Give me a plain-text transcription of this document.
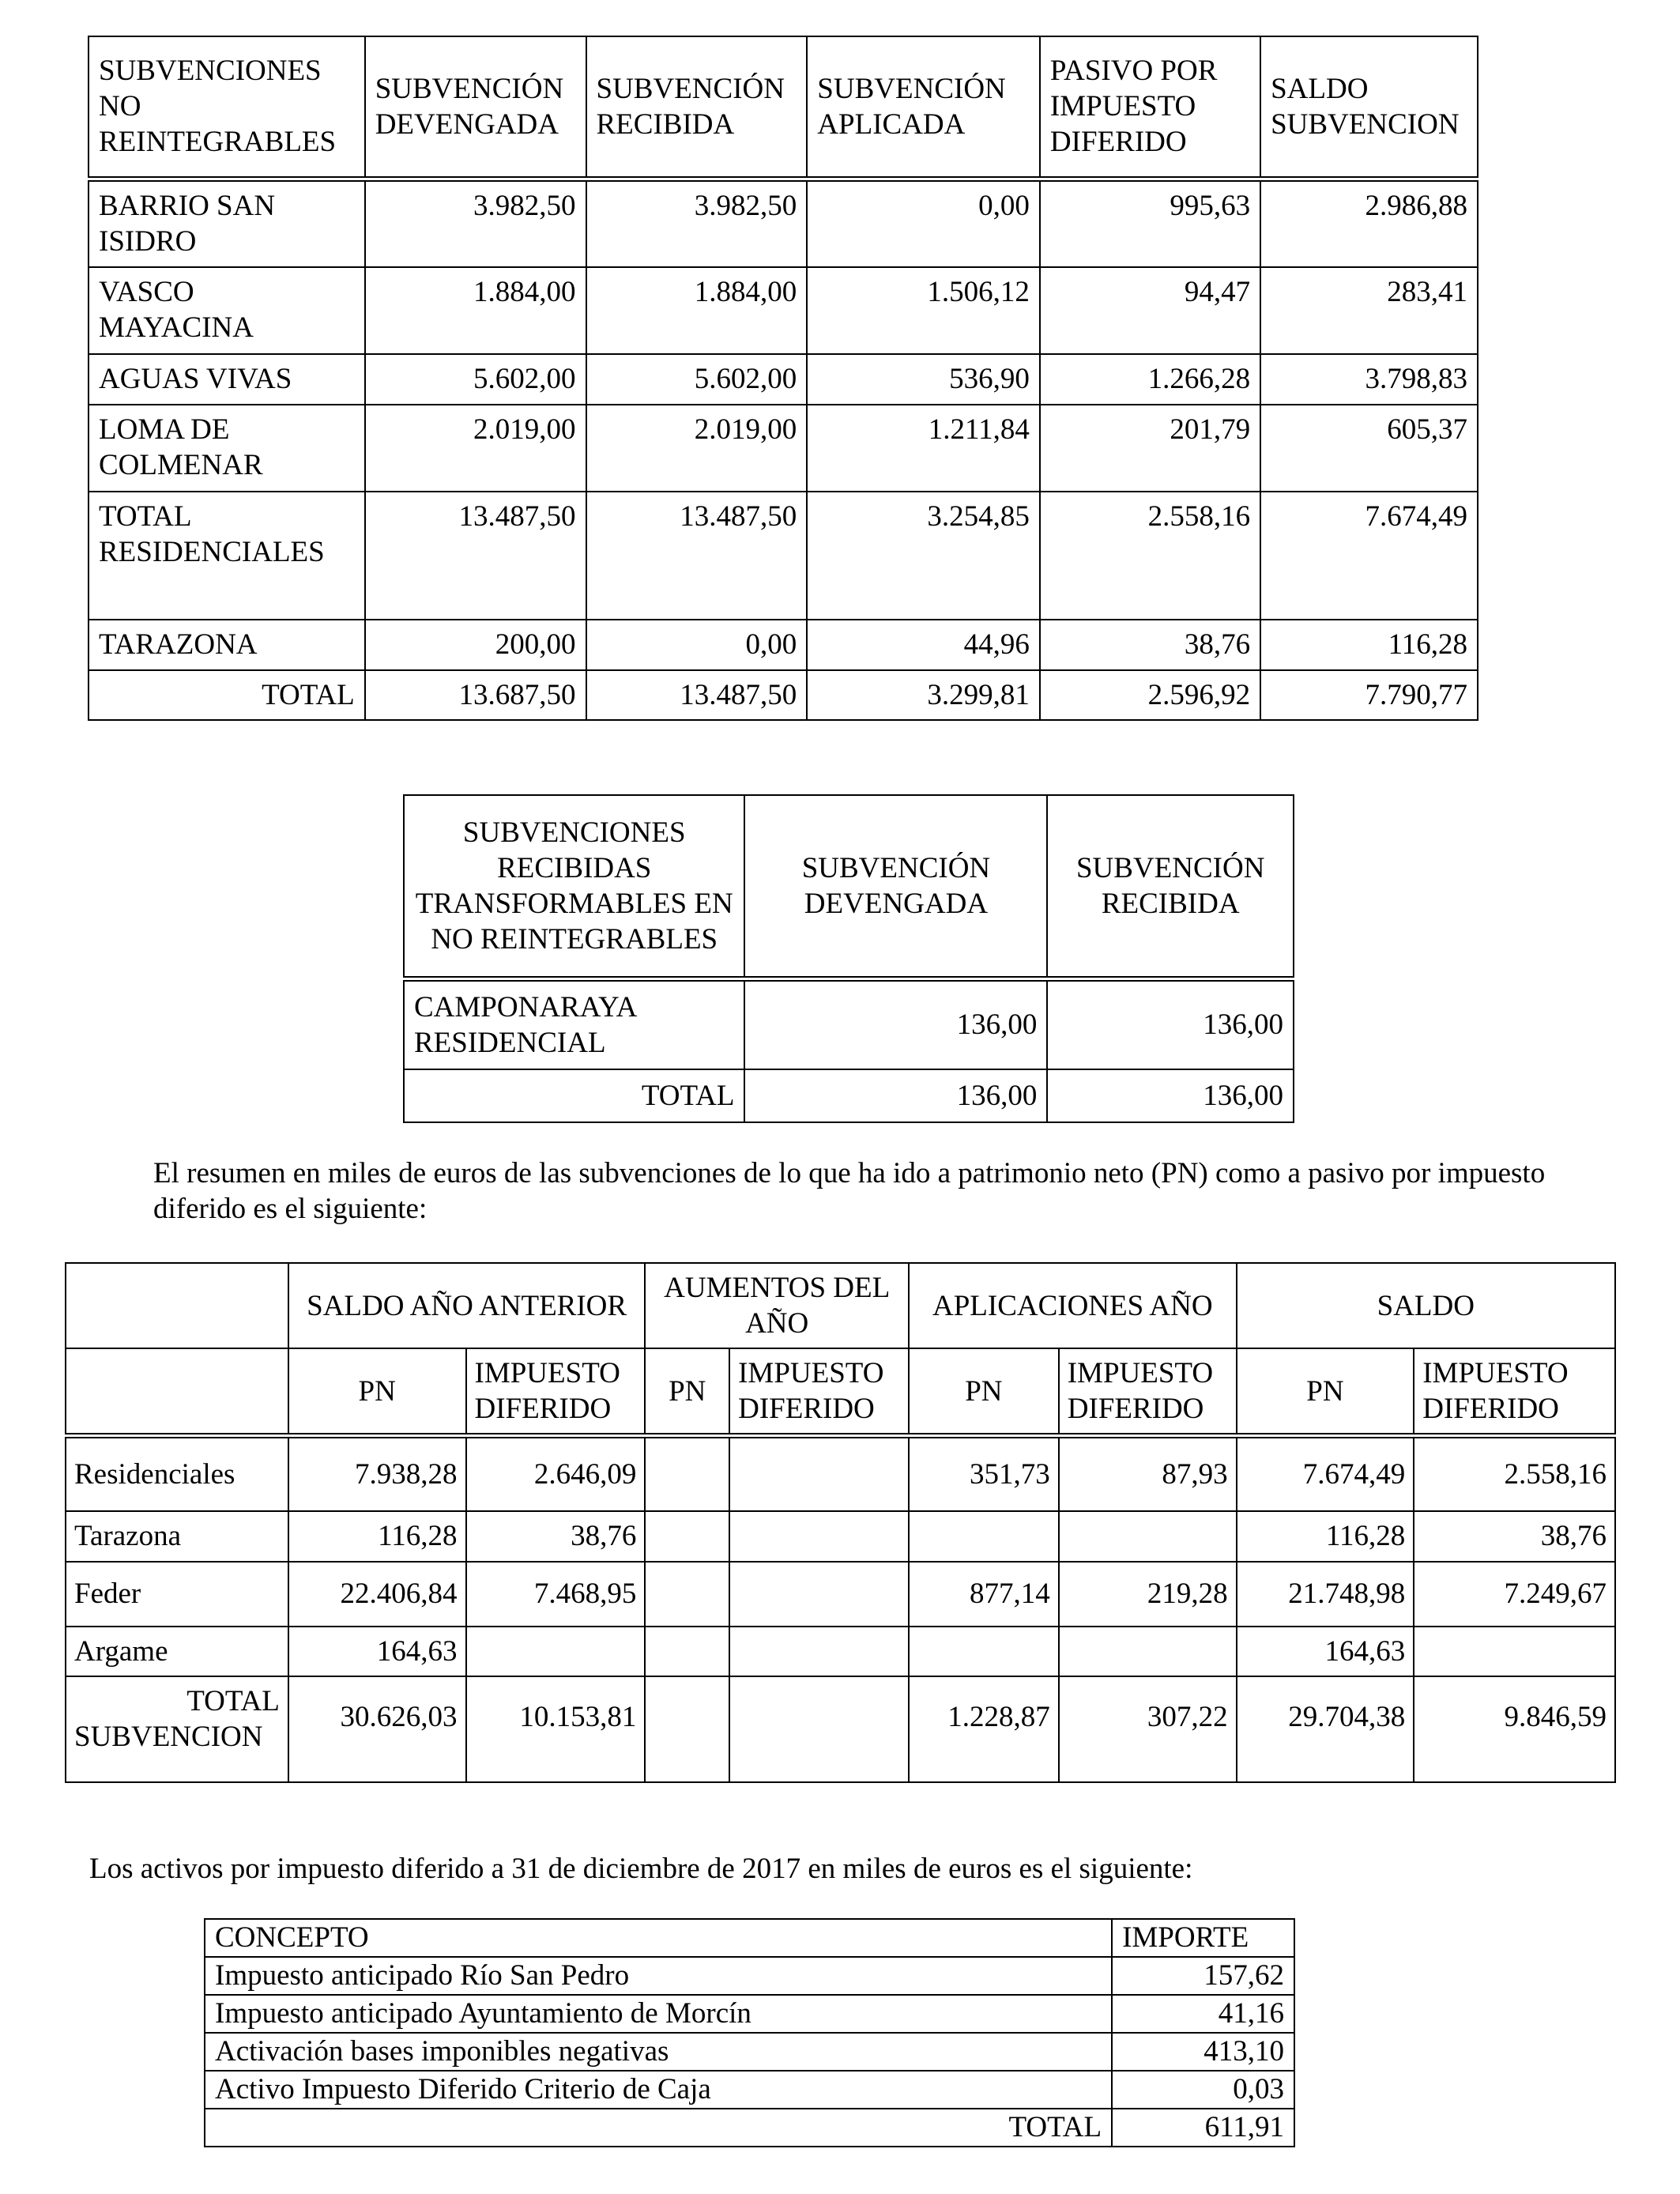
SUBVENCIONES NO REINTEGRABLES	SUBVENCIÓN DEVENGADA	SUBVENCIÓN RECIBIDA	SUBVENCIÓN APLICADA	PASIVO POR IMPUESTO DIFERIDO	SALDO SUBVENCION
BARRIO SAN ISIDRO	3.982,50	3.982,50	0,00	995,63	2.986,88
VASCO MAYACINA	1.884,00	1.884,00	1.506,12	94,47	283,41
AGUAS VIVAS	5.602,00	5.602,00	536,90	1.266,28	3.798,83
LOMA DE COLMENAR	2.019,00	2.019,00	1.211,84	201,79	605,37
TOTAL RESIDENCIALES	13.487,50	13.487,50	3.254,85	2.558,16	7.674,49
TARAZONA	200,00	0,00	44,96	38,76	116,28
TOTAL	13.687,50	13.487,50	3.299,81	2.596,92	7.790,77
SUBVENCIONES RECIBIDAS TRANSFORMABLES EN NO REINTEGRABLES	SUBVENCIÓN DEVENGADA	SUBVENCIÓN RECIBIDA
CAMPONARAYA RESIDENCIAL	136,00	136,00
TOTAL	136,00	136,00

El resumen en miles de euros de las subvenciones de lo que ha ido a patrimonio neto (PN) como a pasivo por impuesto diferido es el siguiente:

	SALDO AÑO ANTERIOR		AUMENTOS DEL AÑO		APLICACIONES AÑO		SALDO	
	PN	IMPUESTO DIFERIDO	PN	IMPUESTO DIFERIDO	PN	IMPUESTO DIFERIDO	PN	IMPUESTO DIFERIDO
Residenciales	7.938,28	2.646,09			351,73	87,93	7.674,49	2.558,16
Tarazona	116,28	38,76					116,28	38,76
Feder	22.406,84	7.468,95			877,14	219,28	21.748,98	7.249,67
Argame	164,63						164,63	

TOTAL SUBVENCION	30.626,03	10.153,81			1.228,87	307,22	29.704,38	9.846,59

Los activos por impuesto diferido a 31 de diciembre de 2017 en miles de euros es el siguiente:

CONCEPTO	IMPORTE
Impuesto anticipado Río San Pedro	157,62
Impuesto anticipado Ayuntamiento de Morcín	41,16
Activación bases imponibles negativas	413,10
Activo Impuesto Diferido Criterio de Caja	0,03
TOTAL	611,91
